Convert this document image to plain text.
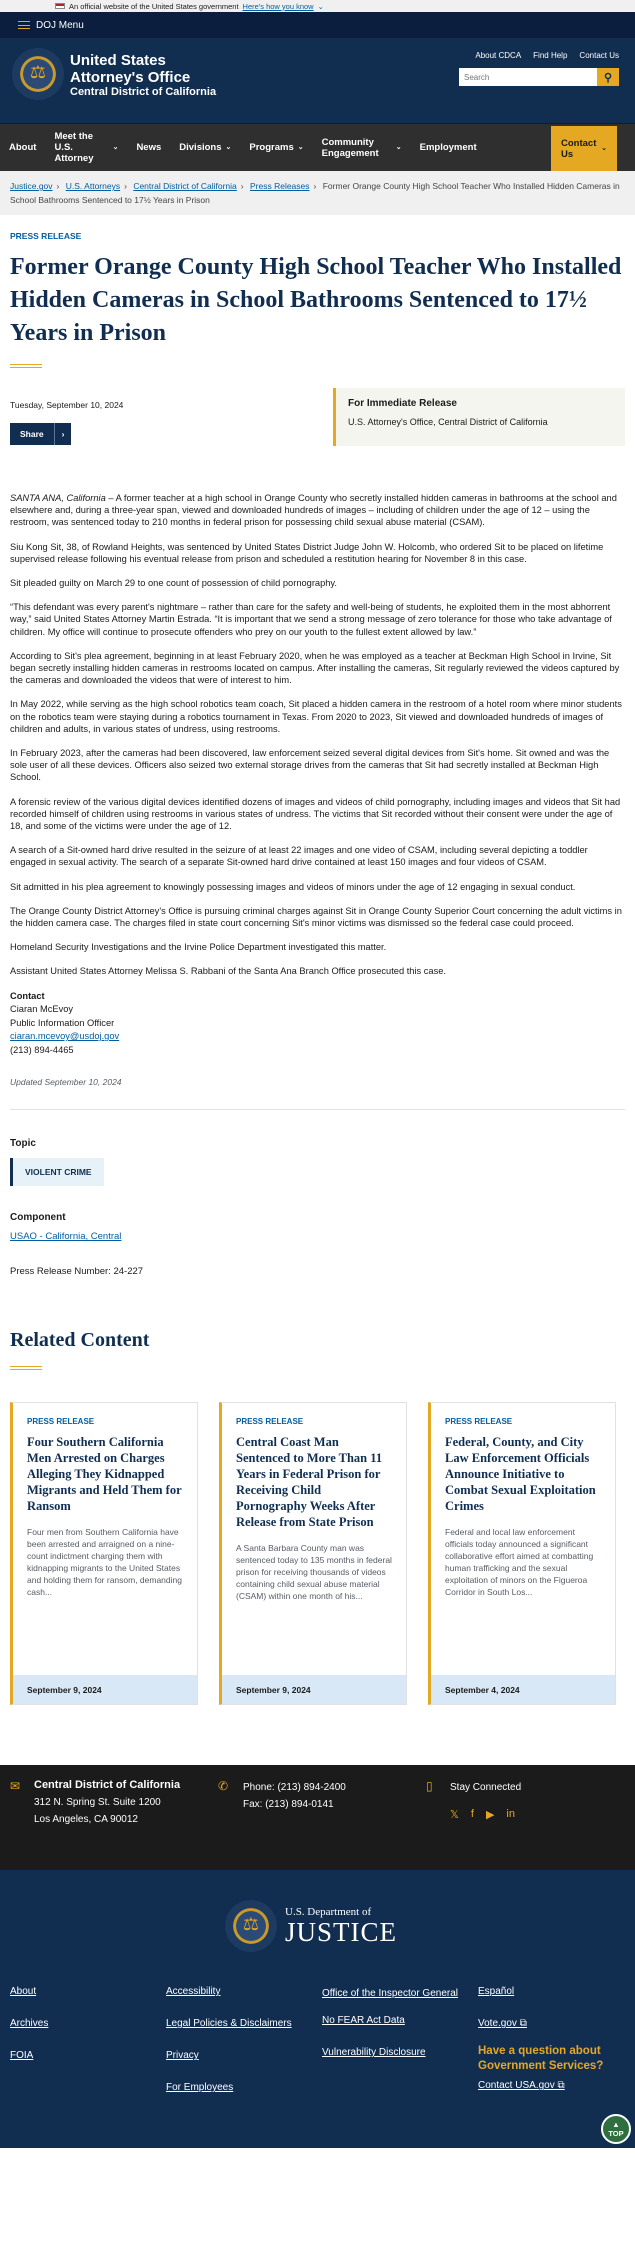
An official website of the United States government Here's how you know ⌄
DOJ Menu
⚖
United States
Attorney's Office
Central District of California
About CDCA Find Help Contact Us
Search
⚲
About
Meet the U.S. Attorney
⌄ News Divisions ⌄ Programs ⌄ Community Engagement	⌄ Employment	Contact Us	⌄
Justice.gov › U.S. Attorneys › Central District of California › Press Releases › Former Orange County High School Teacher Who Installed Hidden Cameras in School Bathrooms Sentenced to 17½ Years in Prison
PRESS RELEASE
Former Orange County High School Teacher Who Installed Hidden Cameras in School Bathrooms Sentenced to 17½ Years in Prison
Tuesday, September 10, 2024
Share	›
For Immediate Release
U.S. Attorney's Office, Central District of California

SANTA ANA, California – A former teacher at a high school in Orange County who secretly installed hidden cameras in bathrooms at the school and elsewhere and, during a three-year span, viewed and downloaded hundreds of images – including of children under the age of 12 – using the restroom, was sentenced today to 210 months in federal prison for possessing child sexual abuse material (CSAM).

Siu Kong Sit, 38, of Rowland Heights, was sentenced by United States District Judge John W. Holcomb, who ordered Sit to be placed on lifetime supervised release following his eventual release from prison and scheduled a restitution hearing for November 8 in this case.

Sit pleaded guilty on March 29 to one count of possession of child pornography.

“This defendant was every parent's nightmare – rather than care for the safety and well-being of students, he exploited them in the most abhorrent way,” said United States Attorney Martin Estrada. “It is important that we send a strong message of zero tolerance for those who take advantage of children. My office will continue to prosecute offenders who prey on our youth to the fullest extent allowed by law.”

According to Sit's plea agreement, beginning in at least February 2020, when he was employed as a teacher at Beckman High School in Irvine, Sit began secretly installing hidden cameras in restrooms located on campus. After installing the cameras, Sit regularly reviewed the videos captured by the cameras and downloaded the videos that were of interest to him.

In May 2022, while serving as the high school robotics team coach, Sit placed a hidden camera in the restroom of a hotel room where minor students on the robotics team were staying during a robotics tournament in Texas. From 2020 to 2023, Sit viewed and downloaded hundreds of images of children and adults, in various states of undress, using restrooms.

In February 2023, after the cameras had been discovered, law enforcement seized several digital devices from Sit's home. Sit owned and was the sole user of all these devices. Officers also seized two external storage drives from the cameras that Sit had secretly installed at Beckman High School.

A forensic review of the various digital devices identified dozens of images and videos of child pornography, including images and videos that Sit had recorded himself of children using restrooms in various states of undress. The victims that Sit recorded without their consent were under the age of 18, and some of the victims were under the age of 12.

A search of a Sit-owned hard drive resulted in the seizure of at least 22 images and one video of CSAM, including several depicting a toddler engaged in sexual activity. The search of a separate Sit-owned hard drive contained at least 150 images and four videos of CSAM.

Sit admitted in his plea agreement to knowingly possessing images and videos of minors under the age of 12 engaging in sexual conduct.

The Orange County District Attorney's Office is pursuing criminal charges against Sit in Orange County Superior Court concerning the adult victims in the hidden camera case. The charges filed in state court concerning Sit's minor victims was dismissed so the federal case could proceed.

Homeland Security Investigations and the Irvine Police Department investigated this matter.

Assistant United States Attorney Melissa S. Rabbani of the Santa Ana Branch Office prosecuted this case.

Contact
Ciaran McEvoy
Public Information Officer
ciaran.mcevoy@usdoj.gov
(213) 894-4465
Updated September 10, 2024
Topic
VIOLENT CRIME
Component
USAO - California, Central
Press Release Number: 24-227
Related Content
PRESS RELEASE
Four Southern California Men Arrested on Charges Alleging They Kidnapped Migrants and Held Them for Ransom
Four men from Southern California have been arrested and arraigned on a nine-count indictment charging them with kidnapping migrants to the United States and holding them for ransom, demanding cash...
September 9, 2024
PRESS RELEASE
Central Coast Man Sentenced to More Than 11 Years in Federal Prison for Receiving Child Pornography Weeks After Release from State Prison
A Santa Barbara County man was sentenced today to 135 months in federal prison for receiving thousands of videos containing child sexual abuse material (CSAM) within one month of his...
September 9, 2024
PRESS RELEASE
Federal, County, and City Law Enforcement Officials Announce Initiative to Combat Sexual Exploitation Crimes
Federal and local law enforcement officials today announced a significant collaborative effort aimed at combatting human trafficking and the sexual exploitation of minors on the Figueroa Corridor in South Los...
September 4, 2024
✉ Central District of California
312 N. Spring St. Suite 1200
Los Angeles, CA 90012
✆ Phone: (213) 894-2400
Fax: (213) 894-0141
▯ Stay Connected
𝕏 f ▶ in
⚖
U.S. Department of
JUSTICE
About
Archives
FOIA
Accessibility
Legal Policies & Disclaimers
Privacy
For Employees
Office of the Inspector General
No FEAR Act Data
Vulnerability Disclosure
Español
Vote.gov ⧉
Have a question about Government Services?
Contact USA.gov ⧉
▲
TOP
